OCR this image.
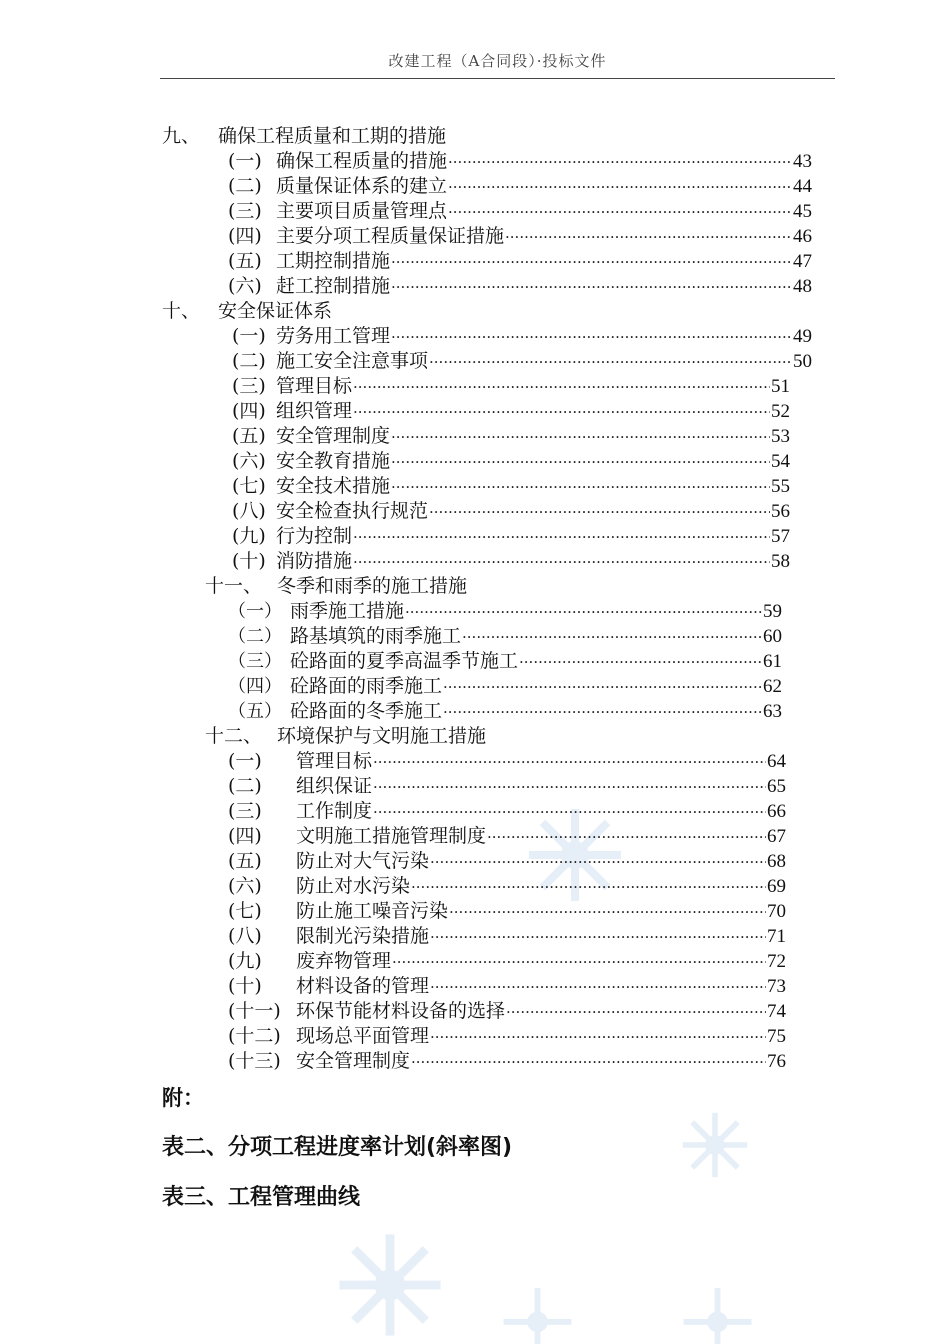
改建工程（A合同段）·投标文件
九、 确保工程质量和工期的措施
(一) 确保工程质量的措施 ·····	43
(二) 质量保证体系的建立 ·····	44
(三) 主要项目质量管理点 ·····	45
(四) 主要分项工程质量保证措施 ·····	46
(五) 工期控制措施 ·····	47
(六) 赶工控制措施 ·····	48
十、 安全保证体系
(一) 劳务用工管理 ·····	49
(二) 施工安全注意事项 ·····	50
(三) 管理目标 ·····	51
(四) 组织管理 ·····	52
(五) 安全管理制度 ·····	53
(六) 安全教育措施 ·····	54
(七) 安全技术措施 ·····	55
(八) 安全检查执行规范 ·····	56
(九) 行为控制 ·····	57
(十) 消防措施 ·····	58
十一、 冬季和雨季的施工措施
（一） 雨季施工措施 ·····	59
（二） 路基填筑的雨季施工 ·····	60
（三） 砼路面的夏季高温季节施工 ·····	61
（四） 砼路面的雨季施工 ·····	62
（五） 砼路面的冬季施工 ·····	63
十二、 环境保护与文明施工措施
(一)	管理目标 ·····	64
(二)	组织保证 ·····	65
(三)	工作制度 ·····	66
(四)	文明施工措施管理制度 ·····	67
(五)	防止对大气污染 ·····	68
(六)	防止对水污染 ·····	69
(七)	防止施工噪音污染 ·····	70
(八)	限制光污染措施 ·····	71
(九)	废弃物管理 ·····	72
(十)	材料设备的管理 ·····	73
(十一) 环保节能材料设备的选择 ·····	74
(十二) 现场总平面管理 ·····	75
(十三) 安全管理制度 ·····	76
附：
表二、分项工程进度率计划(斜率图)
表三、工程管理曲线
